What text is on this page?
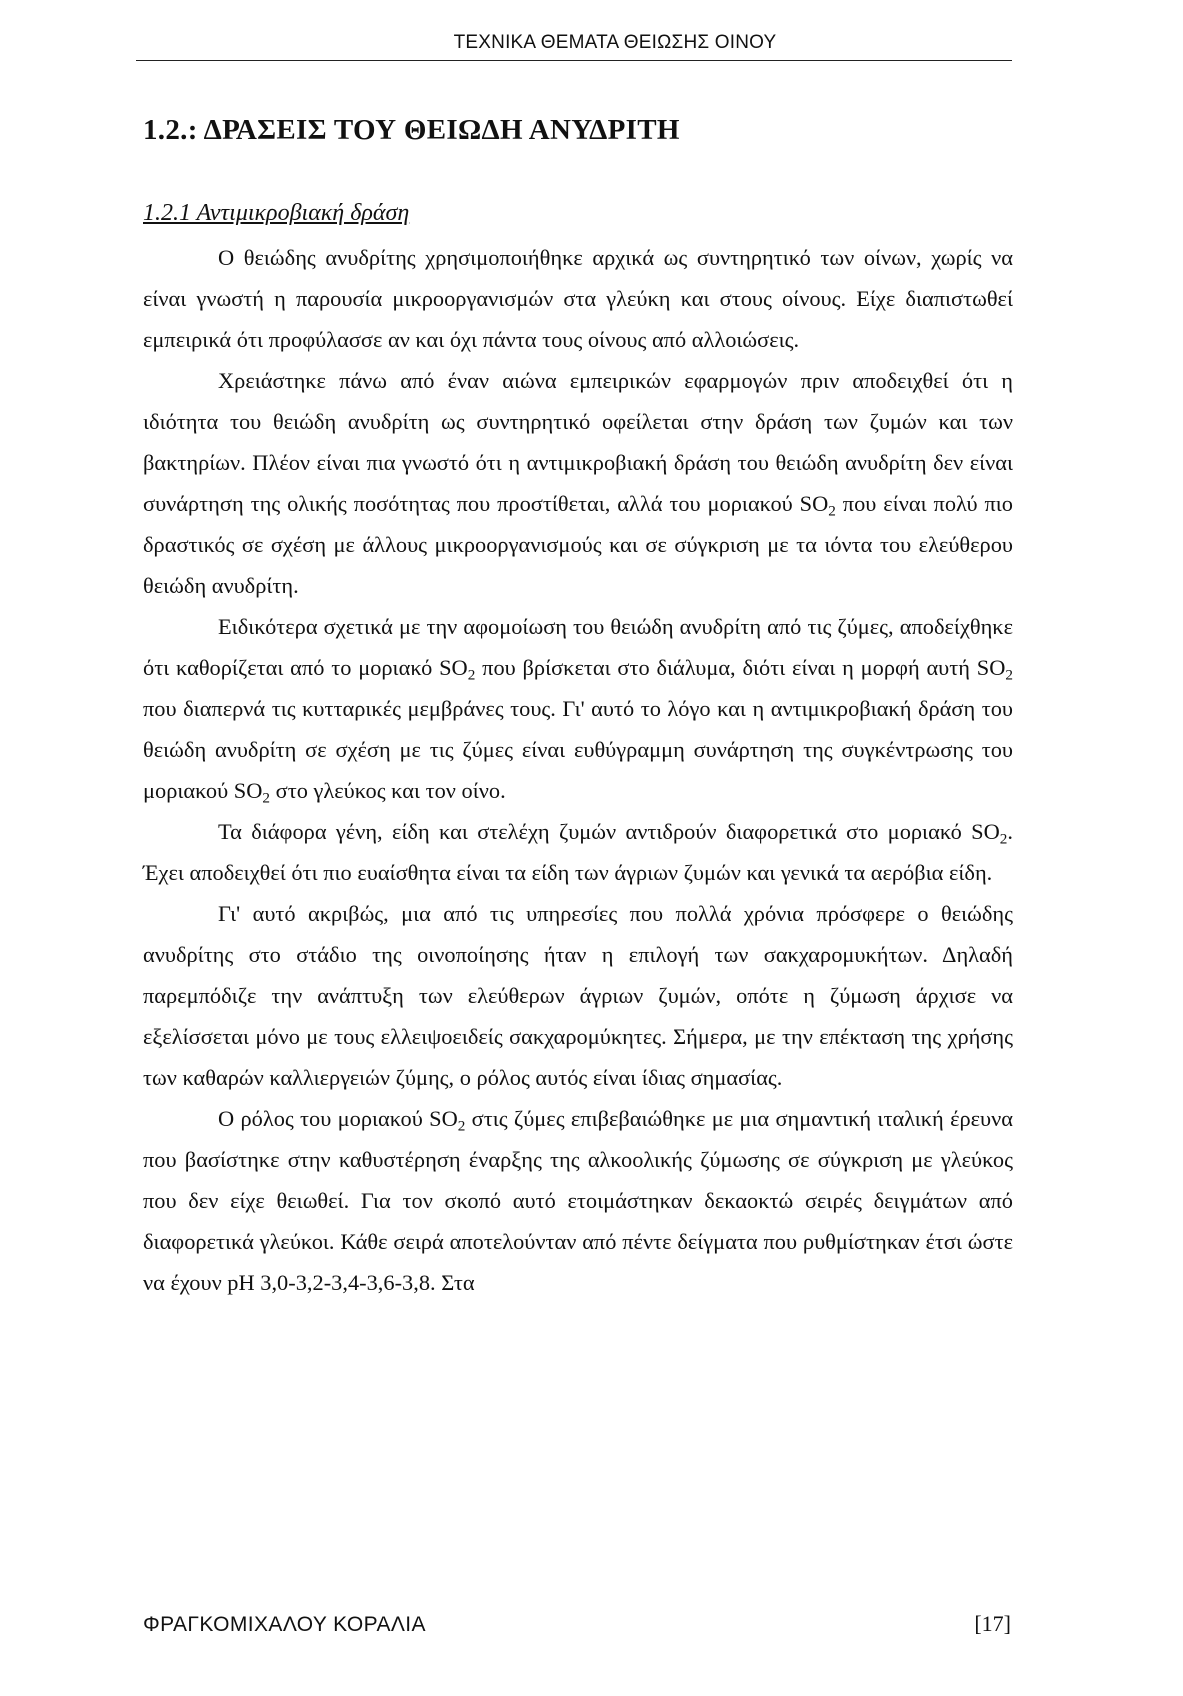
ΤΕΧΝΙΚΑ ΘΕΜΑΤΑ ΘΕΙΩΣΗΣ ΟΙΝΟΥ
1.2.: ΔΡΑΣΕΙΣ ΤΟΥ ΘΕΙΩΔΗ ΑΝΥΔΡΙΤΗ
1.2.1 Αντιμικροβιακή δράση

Ο θειώδης ανυδρίτης χρησιμοποιήθηκε αρχικά ως συντηρητικό των οίνων, χωρίς να είναι γνωστή η παρουσία μικροοργανισμών στα γλεύκη και στους οίνους. Είχε διαπιστωθεί εμπειρικά ότι προφύλασσε αν και όχι πάντα τους οίνους από αλλοιώσεις.

Χρειάστηκε πάνω από έναν αιώνα εμπειρικών εφαρμογών πριν αποδειχθεί ότι η ιδιότητα του θειώδη ανυδρίτη ως συντηρητικό οφείλεται στην δράση των ζυμών και των βακτηρίων. Πλέον είναι πια γνωστό ότι η αντιμικροβιακή δράση του θειώδη ανυδρίτη δεν είναι συνάρτηση της ολικής ποσότητας που προστίθεται, αλλά του μοριακού $SO_2$ που είναι πολύ πιο δραστικός σε σχέση με άλλους μικροοργανισμούς και σε σύγκριση με τα ιόντα του ελεύθερου θειώδη ανυδρίτη.

Ειδικότερα σχετικά με την αφομοίωση του θειώδη ανυδρίτη από τις ζύμες, αποδείχθηκε ότι καθορίζεται από το μοριακό $SO_2$ που βρίσκεται στο διάλυμα, διότι είναι η μορφή αυτή $SO_2$ που διαπερνά τις κυτταρικές μεμβράνες τους. Γι' αυτό το λόγο και η αντιμικροβιακή δράση του θειώδη ανυδρίτη σε σχέση με τις ζύμες είναι ευθύγραμμη συνάρτηση της συγκέντρωσης του μοριακού $SO_2$ στο γλεύκος και τον οίνο.

Τα διάφορα γένη, είδη και στελέχη ζυμών αντιδρούν διαφορετικά στο μοριακό $SO_2$. Έχει αποδειχθεί ότι πιο ευαίσθητα είναι τα είδη των άγριων ζυμών και γενικά τα αερόβια είδη.

Γι' αυτό ακριβώς, μια από τις υπηρεσίες που πολλά χρόνια πρόσφερε ο θειώδης ανυδρίτης στο στάδιο της οινοποίησης ήταν η επιλογή των σακχαρομυκήτων. Δηλαδή παρεμπόδιζε την ανάπτυξη των ελεύθερων άγριων ζυμών, οπότε η ζύμωση άρχισε να εξελίσσεται μόνο με τους ελλειψοειδείς σακχαρομύκητες. Σήμερα, με την επέκταση της χρήσης των καθαρών καλλιεργειών ζύμης, ο ρόλος αυτός είναι ίδιας σημασίας.

Ο ρόλος του μοριακού $SO_2$ στις ζύμες επιβεβαιώθηκε με μια σημαντική ιταλική έρευνα που βασίστηκε στην καθυστέρηση έναρξης της αλκοολικής ζύμωσης σε σύγκριση με γλεύκος που δεν είχε θειωθεί. Για τον σκοπό αυτό ετοιμάστηκαν δεκαοκτώ σειρές δειγμάτων από διαφορετικά γλεύκοι. Κάθε σειρά αποτελούνταν από πέντε δείγματα που ρυθμίστηκαν έτσι ώστε να έχουν pH 3,0-3,2-3,4-3,6-3,8. Στα

ΦΡΑΓΚΟΜΙΧΑΛΟΥ ΚΟΡΑΛΙΑ	[17]
